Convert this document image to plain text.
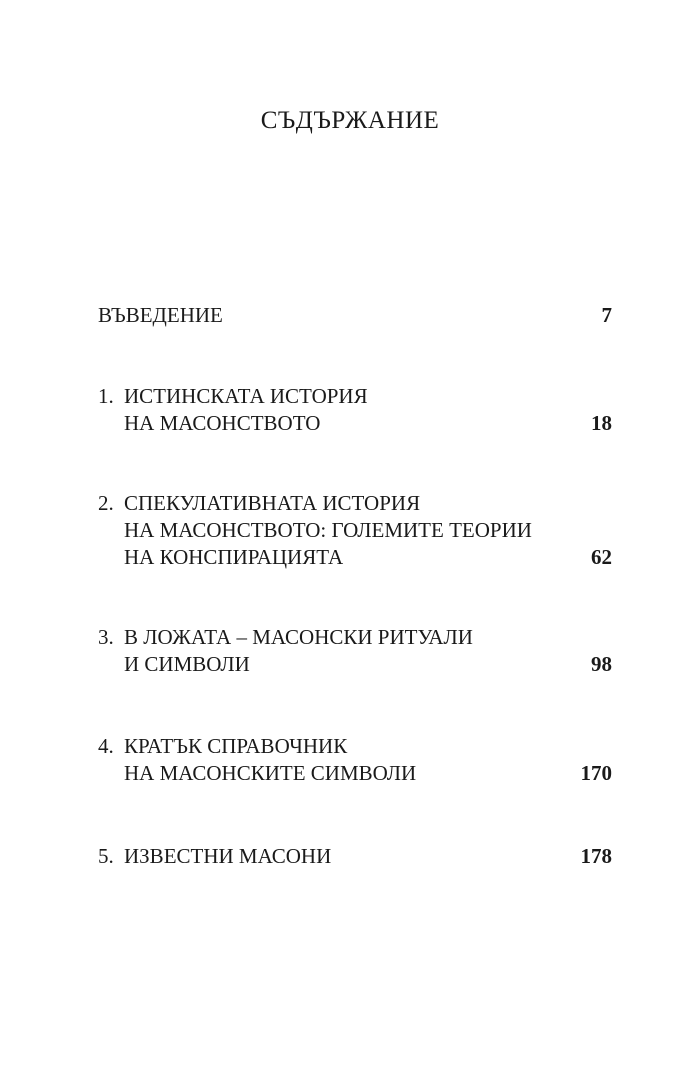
СЪДЪРЖАНИЕ
ВЪВЕДЕНИЕ	7
1. ИСТИНСКАТА ИСТОРИЯ
НА МАСОНСТВОТО	18
2. СПЕКУЛАТИВНАТА ИСТОРИЯ
НА МАСОНСТВОТО: ГОЛЕМИТЕ ТЕОРИИ
НА КОНСПИРАЦИЯТА	62
3. В ЛОЖАТА – МАСОНСКИ РИТУАЛИ
И СИМВОЛИ	98
4. КРАТЪК СПРАВОЧНИК
НА МАСОНСКИТЕ СИМВОЛИ	170
5. ИЗВЕСТНИ МАСОНИ	178
